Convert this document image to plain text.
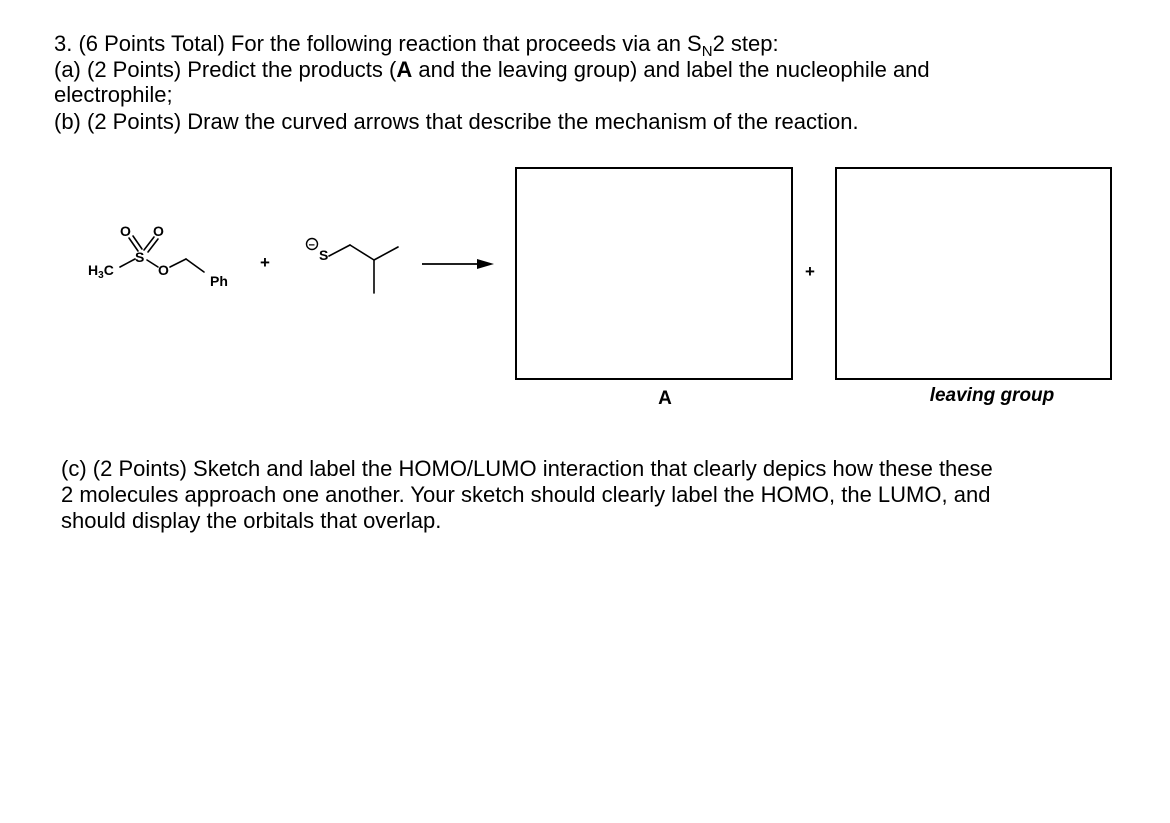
3. (6 Points Total) For the following reaction that proceeds via an $S_N2$ step:
(a) (2 Points) Predict the products (A and the leaving group) and label the nucleophile and
electrophile;
(b) (2 Points) Draw the curved arrows that describe the mechanism of the reaction.
$H_3C$
S
O O
O
Ph
+
−
S
+
A	leaving group
(c) (2 Points) Sketch and label the HOMO/LUMO interaction that clearly depics how these these
2 molecules approach one another. Your sketch should clearly label the HOMO, the LUMO, and
should display the orbitals that overlap.
